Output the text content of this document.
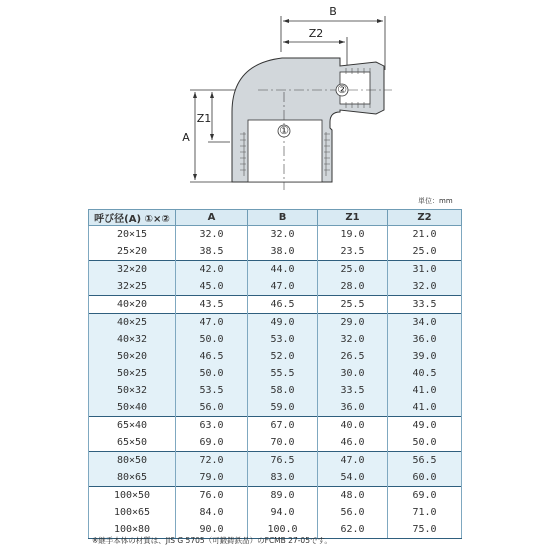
B
Z2
A
Z1
①
②
単位：mm
呼び径(A) ①×②	A	B	Z1	Z2
20×15	32.0	32.0	19.0	21.0
25×20	38.5	38.0	23.5	25.0
32×20	42.0	44.0	25.0	31.0
32×25	45.0	47.0	28.0	32.0
40×20	43.5	46.5	25.5	33.5
40×25	47.0	49.0	29.0	34.0
40×32	50.0	53.0	32.0	36.0
50×20	46.5	52.0	26.5	39.0
50×25	50.0	55.5	30.0	40.5
50×32	53.5	58.0	33.5	41.0
50×40	56.0	59.0	36.0	41.0
65×40	63.0	67.0	40.0	49.0
65×50	69.0	70.0	46.0	50.0
80×50	72.0	76.5	47.0	56.5
80×65	79.0	83.0	54.0	60.0
100×50	76.0	89.0	48.0	69.0
100×65	84.0	94.0	56.0	71.0
100×80	90.0	100.0	62.0	75.0
※継手本体の材質は、JIS G 5705（可鍛鋳鉄品）のFCMB 27-05です。
